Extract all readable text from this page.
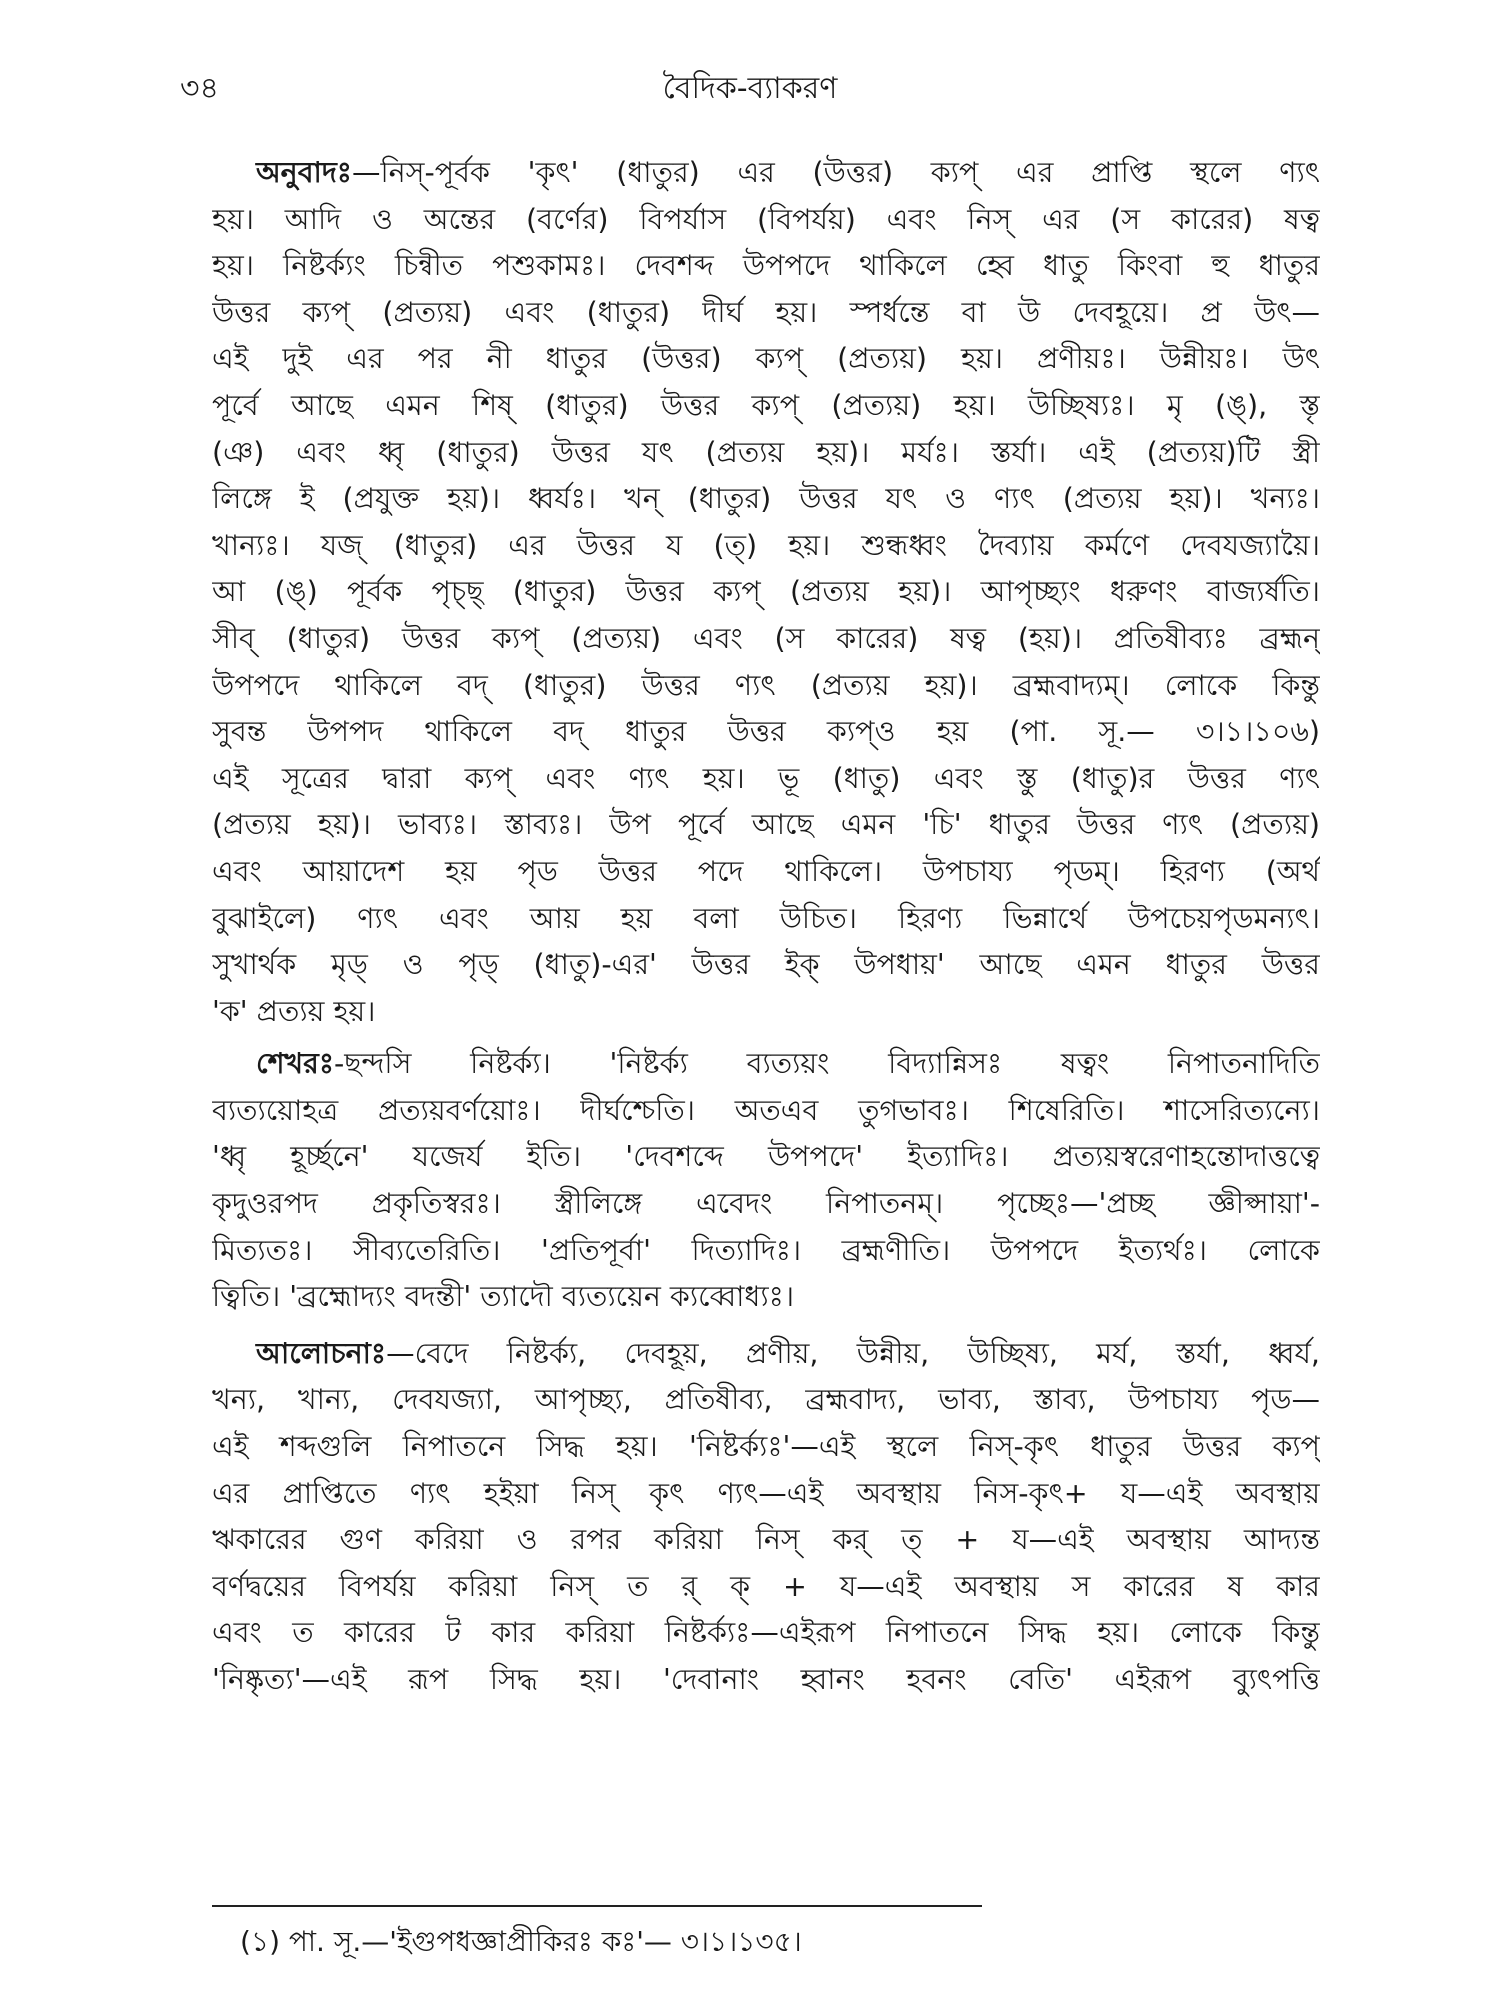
৩৪	বৈদিক-ব্যাকরণ
অনুবাদঃ—নিস্-পূর্বক 'কৃৎ' (ধাতুর) এর (উত্তর) ক্যপ্ এর প্রাপ্তি স্থলে ণ্যৎ
হয়। আদি ও অন্তের (বর্ণের) বিপর্যাস (বিপর্যয়) এবং নিস্ এর (স কারের) ষত্ব
হয়। নিষ্টর্ক্যং চিন্বীত পশুকামঃ। দেবশব্দ উপপদে থাকিলে হ্বে ধাতু কিংবা হু ধাতুর
উত্তর ক্যপ্ (প্রত্যয়) এবং (ধাতুর) দীর্ঘ হয়। স্পর্ধন্তে বা উ দেবহূয়ে। প্র উৎ—
এই দুই এর পর নী ধাতুর (উত্তর) ক্যপ্ (প্রত্যয়) হয়। প্রণীয়ঃ। উন্নীয়ঃ। উৎ
পূর্বে আছে এমন শিষ্ (ধাতুর) উত্তর ক্যপ্ (প্রত্যয়) হয়। উচ্ছিষ্যঃ। মৃ (ঙ্), স্তৃ
(ঞ) এবং ধ্বৃ (ধাতুর) উত্তর যৎ (প্রত্যয় হয়)। মর্যঃ। স্তর্যা। এই (প্রত্যয়)টি স্ত্রী
লিঙ্গে ই (প্রযুক্ত হয়)। ধ্বর্যঃ। খন্ (ধাতুর) উত্তর যৎ ও ণ্যৎ (প্রত্যয় হয়)। খন্যঃ।
খান্যঃ। যজ্ (ধাতুর) এর উত্তর য (ত্) হয়। শুন্ধধ্বং দৈব্যায় কর্মণে দেবযজ্যায়ৈ।
আ (ঙ্) পূর্বক পৃচ্ছ্ (ধাতুর) উত্তর ক্যপ্ (প্রত্যয় হয়)। আপৃচ্ছ্যং ধরুণং বাজ্যর্ষতি।
সীব্ (ধাতুর) উত্তর ক্যপ্ (প্রত্যয়) এবং (স কারের) ষত্ব (হয়)। প্রতিষীব্যঃ ব্রহ্মন্
উপপদে থাকিলে বদ্ (ধাতুর) উত্তর ণ্যৎ (প্রত্যয় হয়)। ব্রহ্মবাদ্যম্। লোকে কিন্তু
সুবন্ত উপপদ থাকিলে বদ্ ধাতুর উত্তর ক্যপ্ও হয় (পা. সূ.— ৩।১।১০৬)
এই সূত্রের দ্বারা ক্যপ্ এবং ণ্যৎ হয়। ভূ (ধাতু) এবং স্তু (ধাতু)র উত্তর ণ্যৎ
(প্রত্যয় হয়)। ভাব্যঃ। স্তাব্যঃ। উপ পূর্বে আছে এমন 'চি' ধাতুর উত্তর ণ্যৎ (প্রত্যয়)
এবং আয়াদেশ হয় পৃড উত্তর পদে থাকিলে। উপচায্য পৃডম্। হিরণ্য (অর্থ
বুঝাইলে) ণ্যৎ এবং আয় হয় বলা উচিত। হিরণ্য ভিন্নার্থে উপচেয়পৃডমন্যৎ।
সুখার্থক মৃড্ ও পৃড্ (ধাতু)-এর' উত্তর ইক্ উপধায়' আছে এমন ধাতুর উত্তর
'ক' প্রত্যয় হয়।
শেখরঃ-ছন্দসি নিষ্টর্ক্য। 'নিষ্টর্ক্য ব্যত্যয়ং বিদ্যান্নিসঃ ষত্বং নিপাতনাদিতি
ব্যত্যয়োহত্র প্রত্যয়বর্ণয়োঃ। দীর্ঘশ্চেতি। অতএব তুগভাবঃ। শিষেরিতি। শাসেরিত্যন্যে।
'ধ্বৃ হূর্চ্ছনে' যজের্য ইতি। 'দেবশব্দে উপপদে' ইত্যাদিঃ। প্রত্যয়স্বরেণাহন্তোদাত্তত্বে
কৃদুওরপদ প্রকৃতিস্বরঃ। স্ত্রীলিঙ্গে এবেদং নিপাতনম্। পৃচ্ছেঃ—'প্রচ্ছ জ্ঞীপ্সায়া'-
মিত্যতঃ। সীব্যতেরিতি। 'প্রতিপূর্বা' দিত্যাদিঃ। ব্রহ্মণীতি। উপপদে ইত্যর্থঃ। লোকে
ত্বিতি। 'ব্রহ্মোদ্যং বদন্তী' ত্যাদৌ ব্যত্যয়েন ক্যব্বোধ্যঃ।
আলোচনাঃ—বেদে নিষ্টর্ক্য, দেবহূয়, প্রণীয়, উন্নীয়, উচ্ছিষ্য, মর্য, স্তর্যা, ধ্বর্য,
খন্য, খান্য, দেবযজ্যা, আপৃচ্ছ্য, প্রতিষীব্য, ব্রহ্মবাদ্য, ভাব্য, স্তাব্য, উপচায্য পৃড—
এই শব্দগুলি নিপাতনে সিদ্ধ হয়। 'নিষ্টর্ক্যঃ'—এই স্থলে নিস্-কৃৎ ধাতুর উত্তর ক্যপ্
এর প্রাপ্তিতে ণ্যৎ হইয়া নিস্ কৃৎ ণ্যৎ—এই অবস্থায় নিস-কৃৎ+ য—এই অবস্থায়
ঋকারের গুণ করিয়া ও রপর করিয়া নিস্ কর্ ত্ + য—এই অবস্থায় আদ্যন্ত
বর্ণদ্বয়ের বিপর্যয় করিয়া নিস্ ত র্ ক্ + য—এই অবস্থায় স কারের ষ কার
এবং ত কারের ট কার করিয়া নিষ্টর্ক্যঃ—এইরূপ নিপাতনে সিদ্ধ হয়। লোকে কিন্তু
'নিষ্কৃত্য'—এই রূপ সিদ্ধ হয়। 'দেবানাং হ্বানং হবনং বেতি' এইরূপ ব্যুৎপত্তি
(১) পা. সূ.—'ইগুপধজ্ঞাপ্রীকিরঃ কঃ'— ৩।১।১৩৫।
